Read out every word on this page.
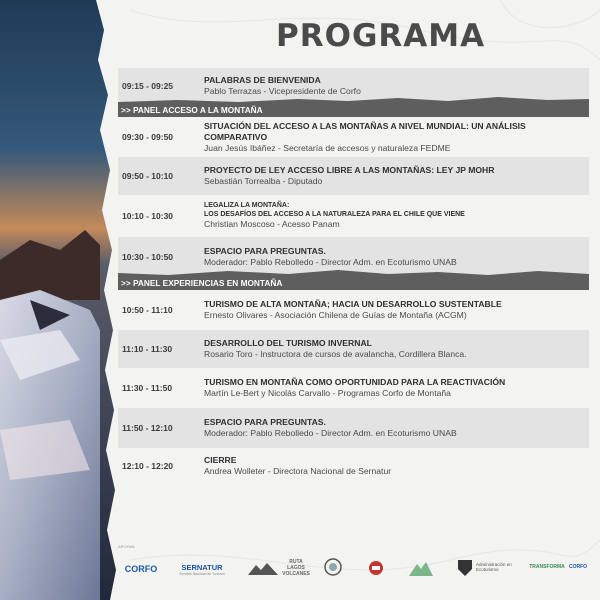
PROGRAMA
09:15 - 09:25
PALABRAS DE BIENVENIDA
Pablo Terrazas - Vicepresidente de Corfo
>> PANEL ACCESO A LA MONTAÑA
09:30 - 09:50
SITUACIÓN DEL ACCESO A LAS MONTAÑAS A NIVEL MUNDIAL: UN ANÁLISIS COMPARATIVO
Juan Jesús Ibáñez - Secretaría de accesos y naturaleza FEDME
09:50 - 10:10
PROYECTO DE LEY ACCESO LIBRE A LAS MONTAÑAS: LEY JP MOHR
Sebastián Torrealba - Diputado
10:10 - 10:30
LEGALIZA LA MONTAÑA:
LOS DESAFÍOS DEL ACCESO A LA NATURALEZA PARA EL CHILE QUE VIENE
Christian Moscoso - Acesso Panam
10:30 - 10:50
ESPACIO PARA PREGUNTAS.
Moderador: Pablo Rebolledo - Director Adm. en Ecoturismo UNAB
>> PANEL EXPERIENCIAS EN MONTAÑA
10:50 - 11:10
TURISMO DE ALTA MONTAÑA; HACIA UN DESARROLLO SUSTENTABLE
Ernesto Olivares - Asociación Chilena de Guías de Montaña (ACGM)
11:10 - 11:30
DESARROLLO DEL TURISMO INVERNAL
Rosario Toro - Instructora de cursos de avalancha, Cordillera Blanca.
11:30 - 11:50
TURISMO EN MONTAÑA COMO OPORTUNIDAD PARA LA REACTIVACIÓN
Martín Le-Bert y Nicolás Carvallo - Programas Corfo de Montaña
11:50 - 12:10
ESPACIO PARA PREGUNTAS.
Moderador: Pablo Rebolledo - Director Adm. en Ecoturismo UNAB
12:10 - 12:20
CIERRE
Andrea Wolleter - Directora Nacional de Sernatur
APOYAN:
CORFO	SERNATUR
Servicio Nacional de Turismo
RUTA LAGOS VOLCANES
Administración en Ecoturismo	TRANSFORMA CORFO
